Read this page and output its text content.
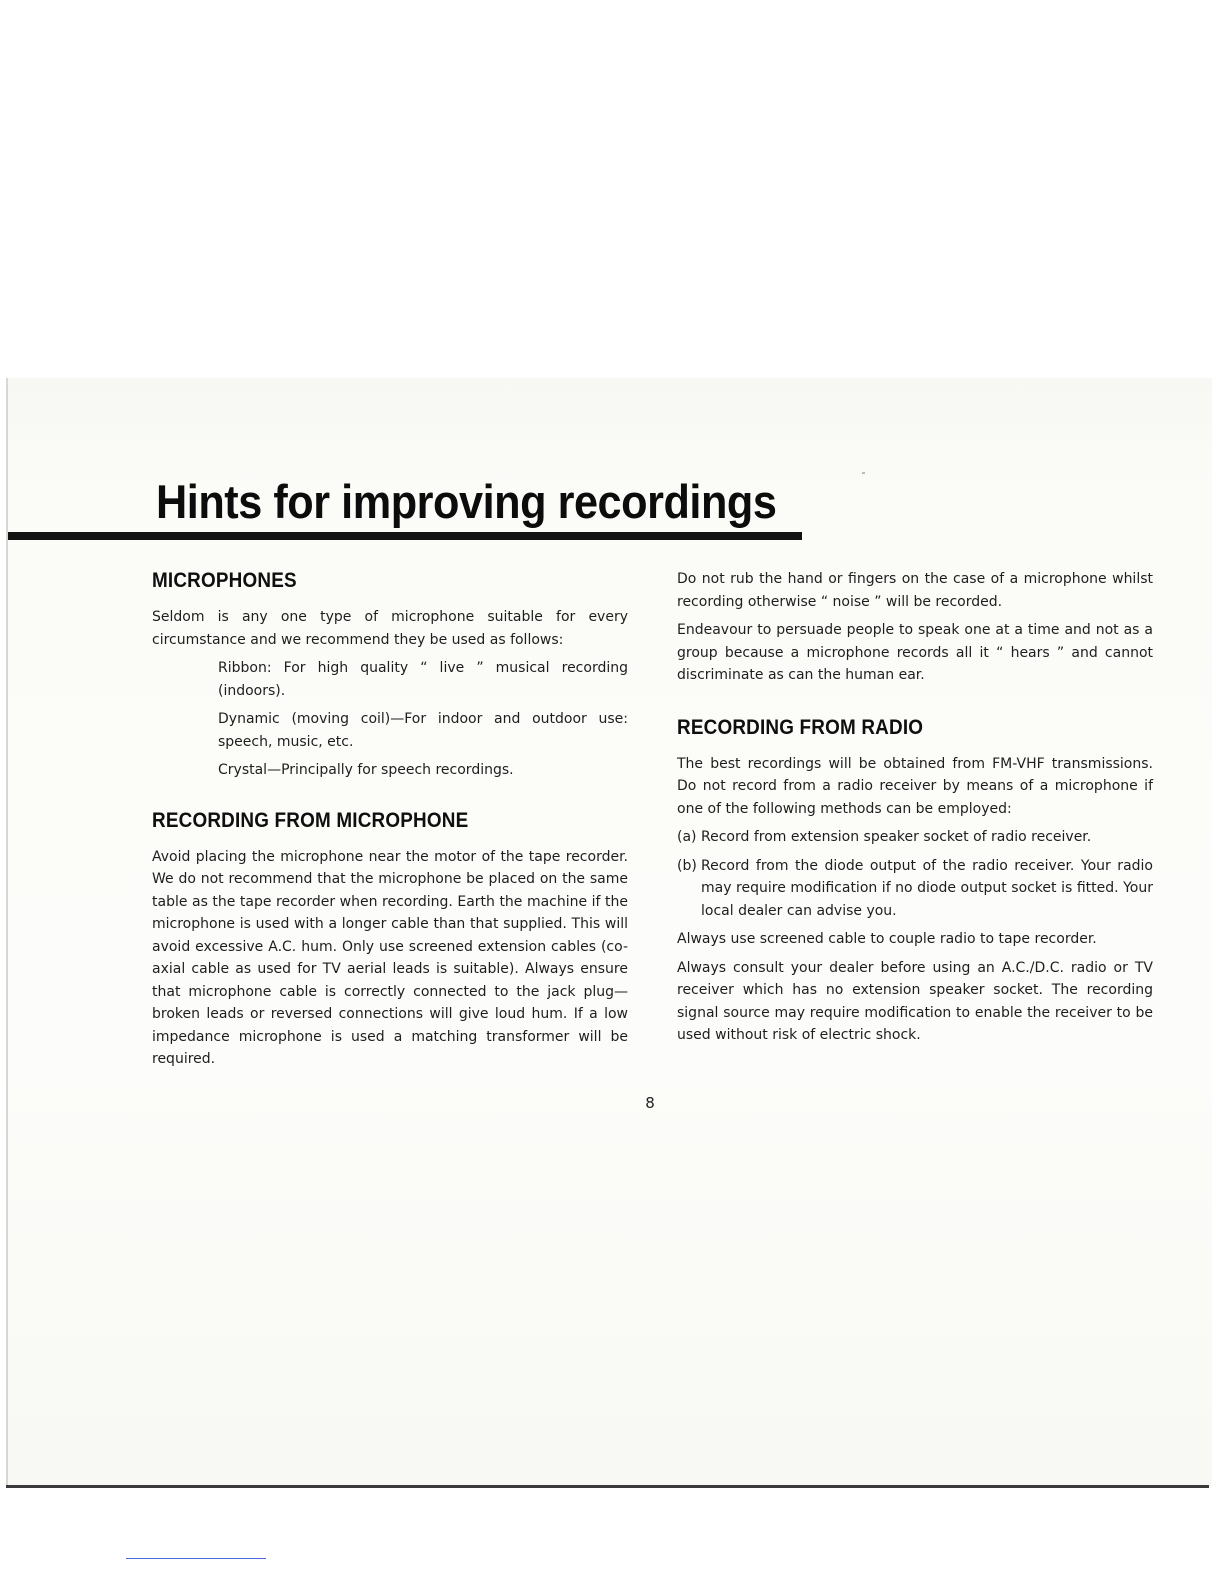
Hints for improving recordings
MICROPHONES

Seldom is any one type of microphone suitable for every circumstance and we recommend they be used as follows:

Ribbon: For high quality “ live ” musical recording (indoors).

Dynamic (moving coil)—For indoor and outdoor use: speech, music, etc.

Crystal—Principally for speech recordings.

RECORDING FROM MICROPHONE

Avoid placing the microphone near the motor of the tape recorder. We do not recommend that the microphone be placed on the same table as the tape recorder when recording. Earth the machine if the microphone is used with a longer cable than that supplied. This will avoid excessive A.C. hum. Only use screened extension cables (co-axial cable as used for TV aerial leads is suitable). Always ensure that microphone cable is correctly connected to the jack plug—broken leads or reversed connections will give loud hum. If a low impedance microphone is used a matching transformer will be required.

Do not rub the hand or fingers on the case of a microphone whilst recording otherwise “ noise ” will be recorded.

Endeavour to persuade people to speak one at a time and not as a group because a microphone records all it “ hears ” and cannot discriminate as can the human ear.

RECORDING FROM RADIO

The best recordings will be obtained from FM-VHF transmissions. Do not record from a radio receiver by means of a microphone if one of the following methods can be employed:

(a) Record from extension speaker socket of radio receiver.
(b) Record from the diode output of the radio receiver. Your radio may require modification if no diode output socket is fitted. Your local dealer can advise you.

Always use screened cable to couple radio to tape recorder.

Always consult your dealer before using an A.C./D.C. radio or TV receiver which has no extension speaker socket. The recording signal source may require modification to enable the receiver to be used without risk of electric shock.

8
